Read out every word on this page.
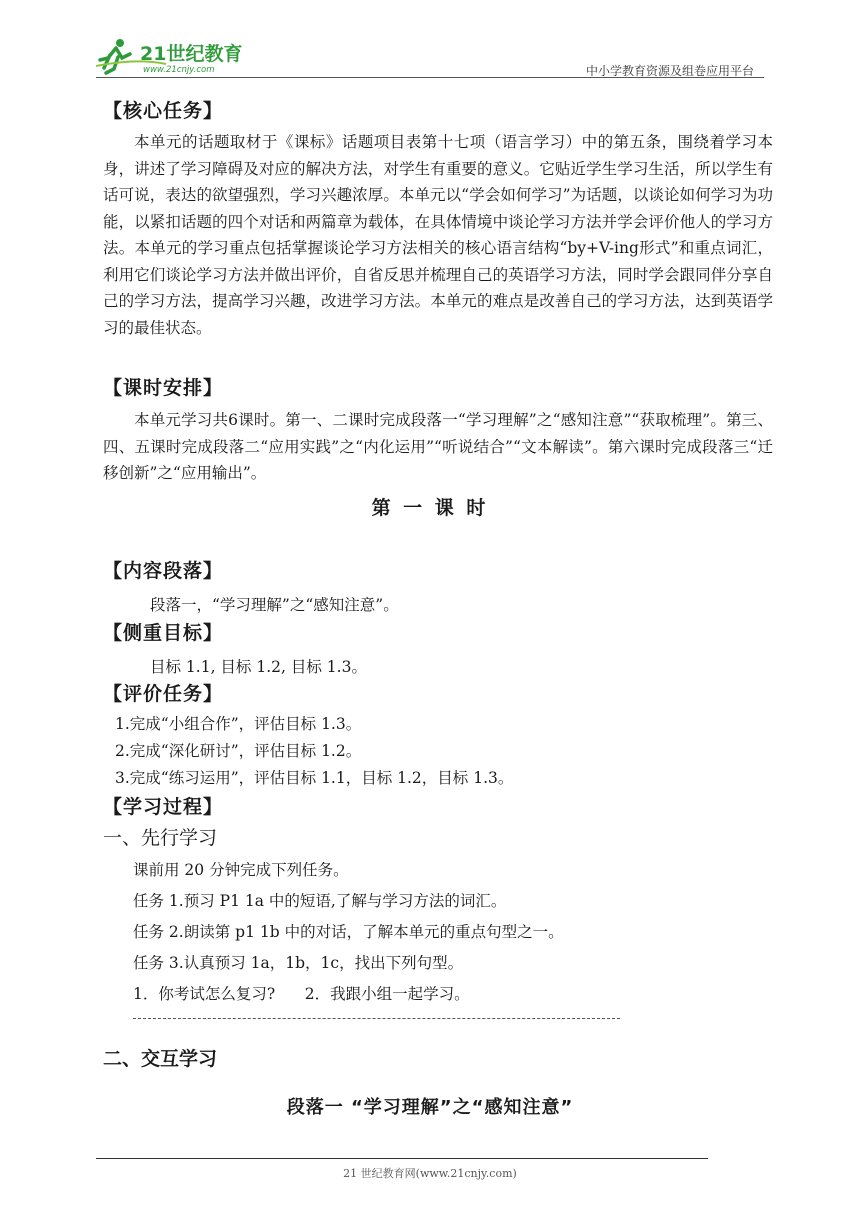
21世纪教育
www.21cnjy.com	中小学教育资源及组卷应用平台
【核心任务】

本单元的话题取材于《课标》话题项目表第十七项（语言学习）中的第五条，围绕着学习本身，讲述了学习障碍及对应的解决方法，对学生有重要的意义。它贴近学生学习生活，所以学生有话可说，表达的欲望强烈，学习兴趣浓厚。本单元以“学会如何学习”为话题，以谈论如何学习为功能，以紧扣话题的四个对话和两篇章为载体，在具体情境中谈论学习方法并学会评价他人的学习方法。本单元的学习重点包括掌握谈论学习方法相关的核心语言结构“by+V-ing形式”和重点词汇，利用它们谈论学习方法并做出评价，自省反思并梳理自己的英语学习方法，同时学会跟同伴分享自己的学习方法，提高学习兴趣，改进学习方法。本单元的难点是改善自己的学习方法，达到英语学习的最佳状态。

【课时安排】

本单元学习共6课时。第一、二课时完成段落一“学习理解”之“感知注意”“获取梳理”。第三、四、五课时完成段落二“应用实践”之“内化运用”“听说结合”“文本解读”。第六课时完成段落三“迁移创新”之“应用输出”。

第 一 课 时
【内容段落】
段落一，“学习理解”之“感知注意”。
【侧重目标】
目标 1.1, 目标 1.2, 目标 1.3。
【评价任务】
1.完成“小组合作”，评估目标 1.3。
2.完成“深化研讨”，评估目标 1.2。
3.完成“练习运用”，评估目标 1.1，目标 1.2，目标 1.3。
【学习过程】
一、先行学习
课前用 20 分钟完成下列任务。
任务 1.预习 P1 1a 中的短语,了解与学习方法的词汇。
任务 2.朗读第 p1 1b 中的对话，了解本单元的重点句型之一。
任务 3.认真预习 1a，1b，1c，找出下列句型。
1．你考试怎么复习?      2．我跟小组一起学习。
二、交互学习
段落一 “学习理解”之“感知注意”
21 世纪教育网(www.21cnjy.com)
